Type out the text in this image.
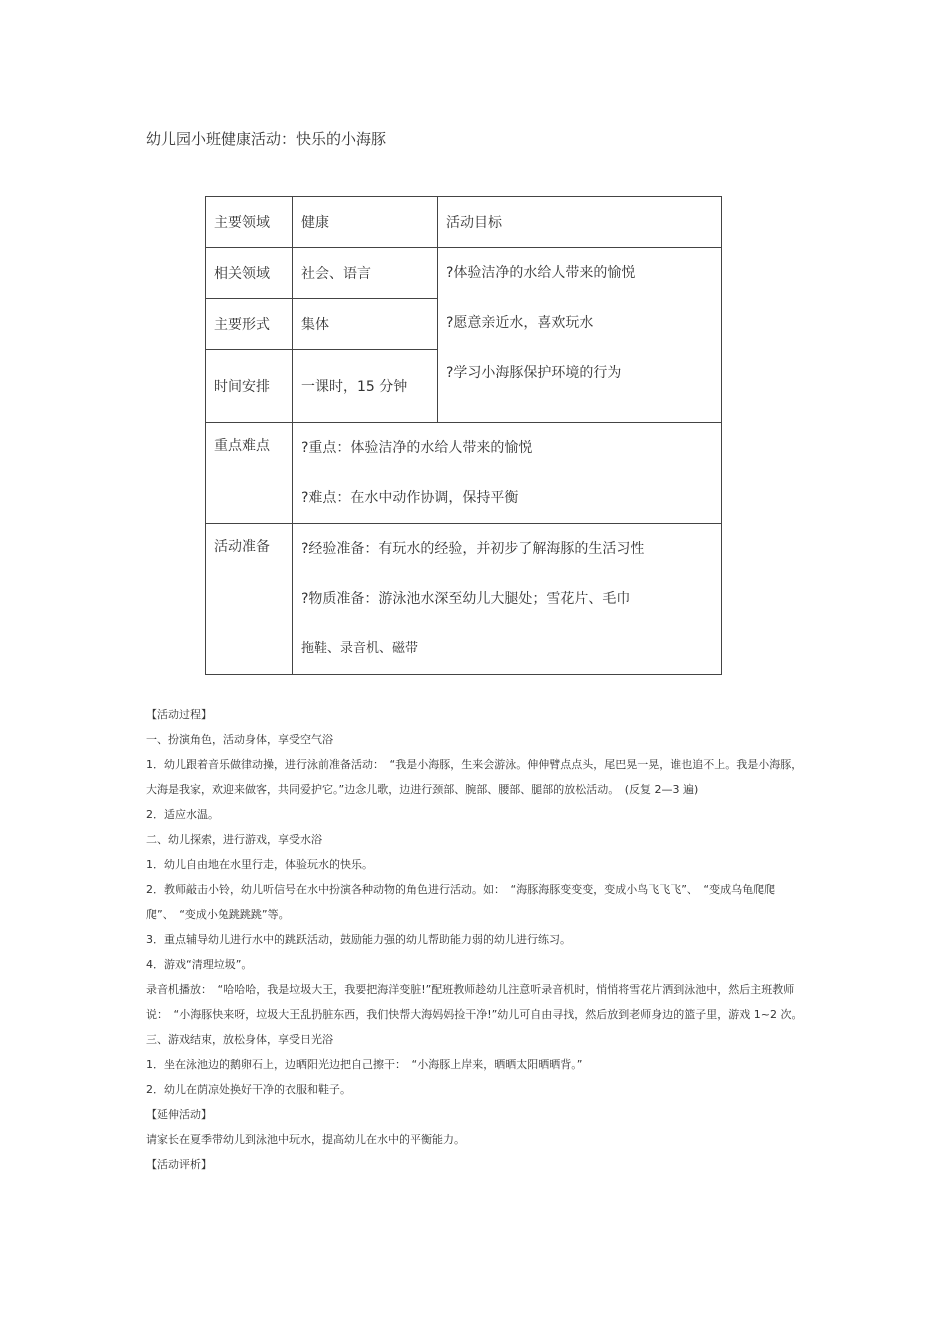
幼儿园小班健康活动：快乐的小海豚
主要领域	健康	活动目标
相关领域	社会、语言	?体验洁净的水给人带来的愉悦
?愿意亲近水，喜欢玩水
?学习小海豚保护环境的行为

主要形式	集体	
时间安排	一课时，15 分钟	
重点难点	?重点：体验洁净的水给人带来的愉悦
?难点：在水中动作协调，保持平衡	

活动准备	?经验准备：有玩水的经验，并初步了解海豚的生活习性
?物质准备：游泳池水深至幼儿大腿处；雪花片、毛巾
拖鞋、录音机、磁带	

【活动过程】

一、扮演角色，活动身体，享受空气浴

1．幼儿跟着音乐做律动操，进行泳前准备活动：　“我是小海豚，生来会游泳。伸伸臂点点头，尾巴晃一晃，谁也追不上。我是小海豚，大海是我家，欢迎来做客，共同爱护它。”边念儿歌，边进行颈部、腕部、腰部、腿部的放松活动。　(反复 2—3 遍)

2．适应水温。

二、幼儿探索，进行游戏，享受水浴

1．幼儿自由地在水里行走，体验玩水的快乐。

2．教师敲击小铃，幼儿听信号在水中扮演各种动物的角色进行活动。如：　“海豚海豚变变变，变成小鸟飞飞飞”、　“变成乌龟爬爬爬”、　“变成小兔跳跳跳”等。

3．重点辅导幼儿进行水中的跳跃活动，鼓励能力强的幼儿帮助能力弱的幼儿进行练习。

4．游戏“清理垃圾”。

录音机播放：　“哈哈哈，我是垃圾大王，我要把海洋变脏!”配班教师趁幼儿注意听录音机时，悄悄将雪花片洒到泳池中，然后主班教师说：　“小海豚快来呀，垃圾大王乱扔脏东西，我们快帮大海妈妈捡干净!”幼儿可自由寻找，然后放到老师身边的篮子里，游戏 1~2 次。

三、游戏结束，放松身体，享受日光浴

1．坐在泳池边的鹅卵石上，边晒阳光边把自己擦干：　“小海豚上岸来，晒晒太阳晒晒背。”

2．幼儿在荫凉处换好干净的衣服和鞋子。

【延伸活动】

请家长在夏季带幼儿到泳池中玩水，提高幼儿在水中的平衡能力。

【活动评析】
